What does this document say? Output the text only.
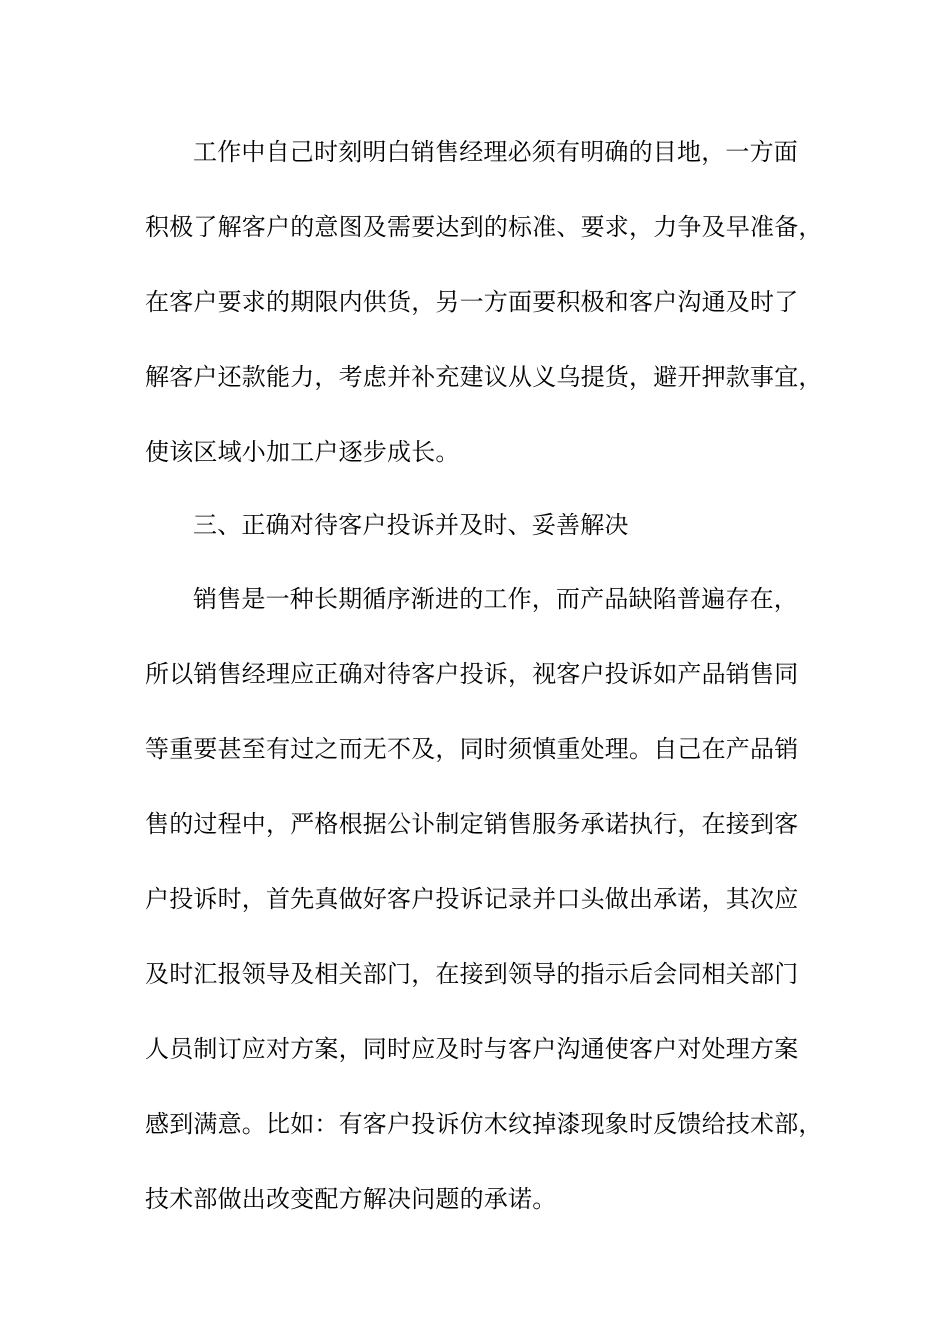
工作中自己时刻明白销售经理必须有明确的目地，一方面
积极了解客户的意图及需要达到的标准、要求，力争及早准备，
在客户要求的期限内供货，另一方面要积极和客户沟通及时了
解客户还款能力，考虑并补充建议从义乌提货，避开押款事宜，
使该区域小加工户逐步成长。
三、正确对待客户投诉并及时、妥善解决
销售是一种长期循序渐进的工作，而产品缺陷普遍存在，
所以销售经理应正确对待客户投诉，视客户投诉如产品销售同
等重要甚至有过之而无不及，同时须慎重处理。自己在产品销
售的过程中，严格根据公讣制定销售服务承诺执行，在接到客
户投诉时，首先真做好客户投诉记录并口头做出承诺，其次应
及时汇报领导及相关部门，在接到领导的指示后会同相关部门
人员制订应对方案，同时应及时与客户沟通使客户对处理方案
感到满意。比如：有客户投诉仿木纹掉漆现象时反馈给技术部，
技术部做出改变配方解决问题的承诺。
